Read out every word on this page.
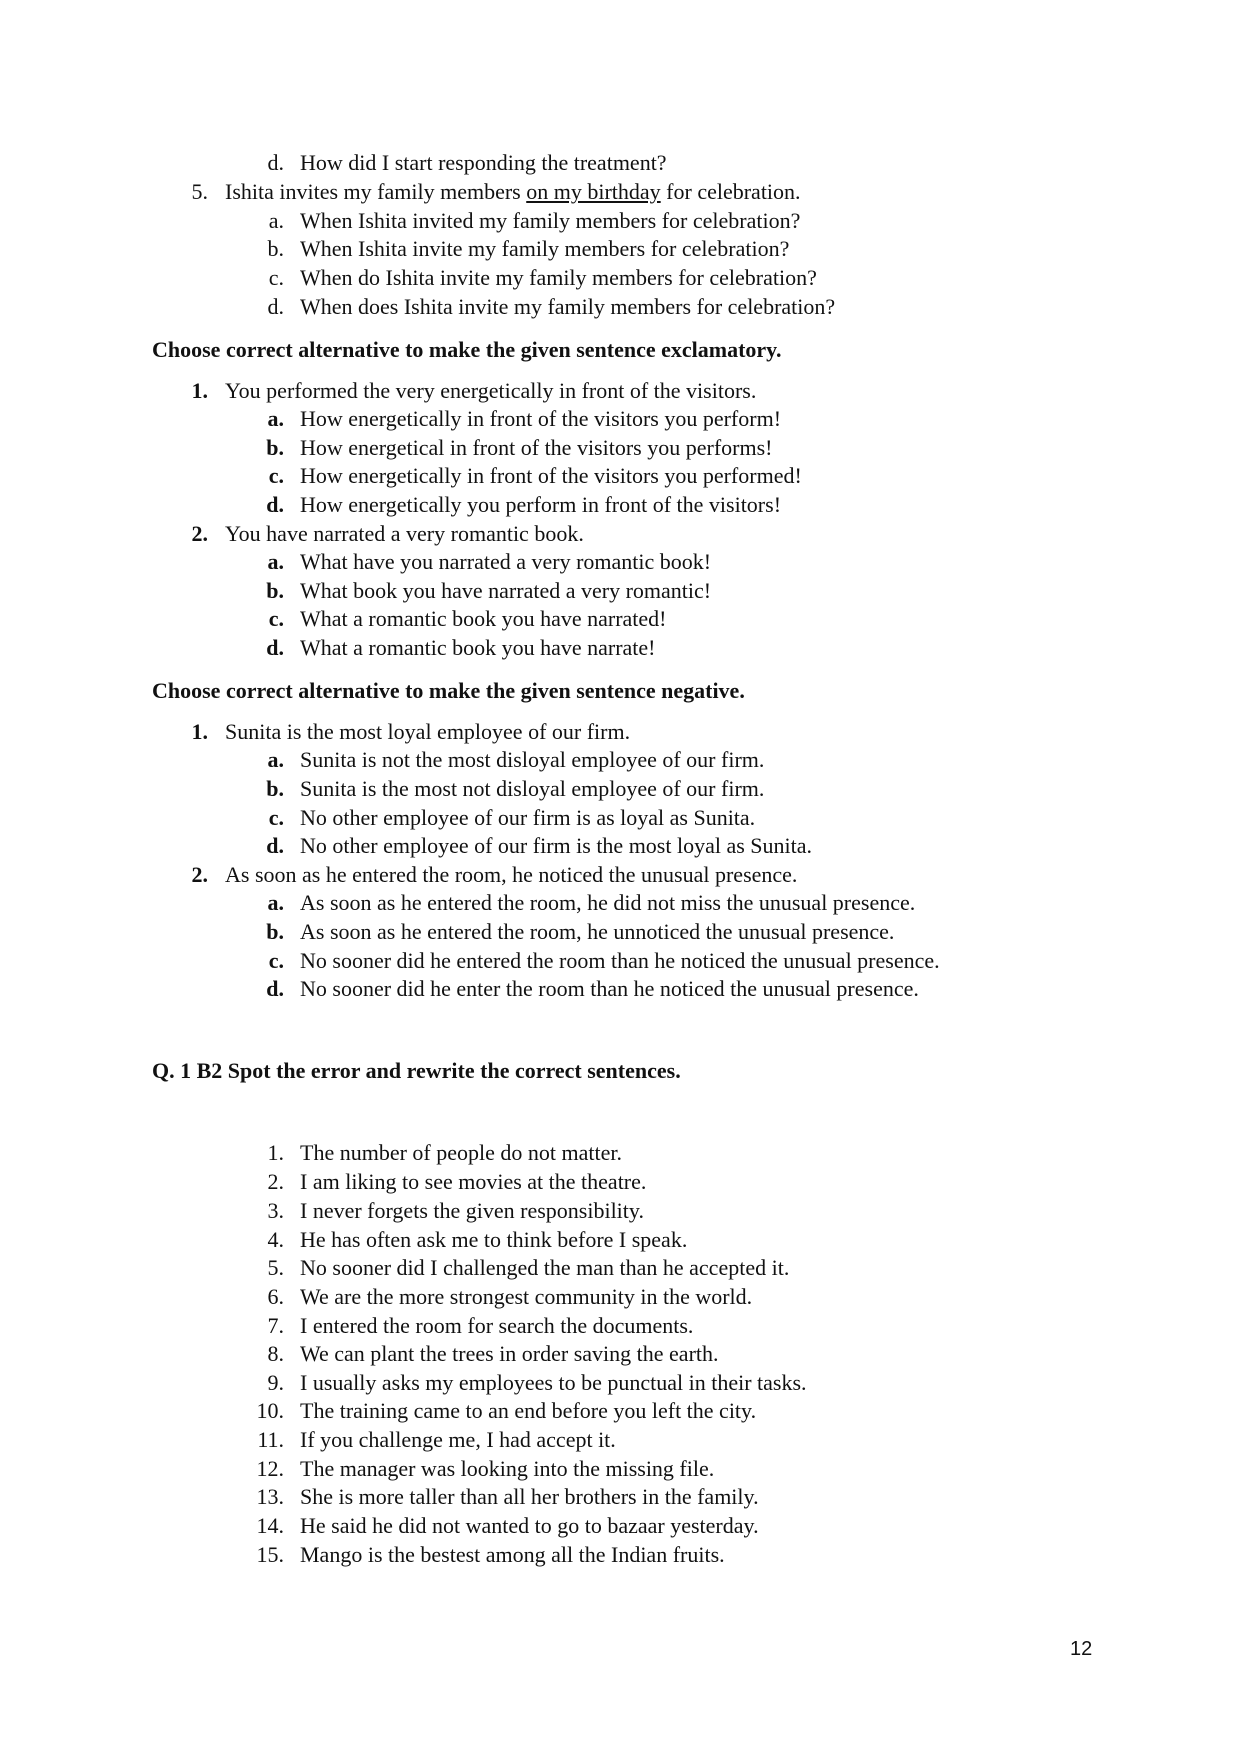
d. How did I start responding the treatment?
5. Ishita invites my family members on my birthday for celebration.
a. When Ishita invited my family members for celebration?
b. When Ishita invite my family members for celebration?
c. When do Ishita invite my family members for celebration?
d. When does Ishita invite my family members for celebration?
Choose correct alternative to make the given sentence exclamatory.
1. You performed the very energetically in front of the visitors.
a. How energetically in front of the visitors you perform!
b. How energetical in front of the visitors you performs!
c. How energetically in front of the visitors you performed!
d. How energetically you perform in front of the visitors!
2. You have narrated a very romantic book.
a. What have you narrated a very romantic book!
b. What book you have narrated a very romantic!
c. What a romantic book you have narrated!
d. What a romantic book you have narrate!
Choose correct alternative to make the given sentence negative.
1. Sunita is the most loyal employee of our firm.
a. Sunita is not the most disloyal employee of our firm.
b. Sunita is the most not disloyal employee of our firm.
c. No other employee of our firm is as loyal as Sunita.
d. No other employee of our firm is the most loyal as Sunita.
2. As soon as he entered the room, he noticed the unusual presence.
a. As soon as he entered the room, he did not miss the unusual presence.
b. As soon as he entered the room, he unnoticed the unusual presence.
c. No sooner did he entered the room than he noticed the unusual presence.
d. No sooner did he enter the room than he noticed the unusual presence.
Q. 1 B2 Spot the error and rewrite the correct sentences.
1. The number of people do not matter.
2. I am liking to see movies at the theatre.
3. I never forgets the given responsibility.
4. He has often ask me to think before I speak.
5. No sooner did I challenged the man than he accepted it.
6. We are the more strongest community in the world.
7. I entered the room for search the documents.
8. We can plant the trees in order saving the earth.
9. I usually asks my employees to be punctual in their tasks.
10. The training came to an end before you left the city.
11. If you challenge me, I had accept it.
12. The manager was looking into the missing file.
13. She is more taller than all her brothers in the family.
14. He said he did not wanted to go to bazaar yesterday.
15. Mango is the bestest among all the Indian fruits.
12
